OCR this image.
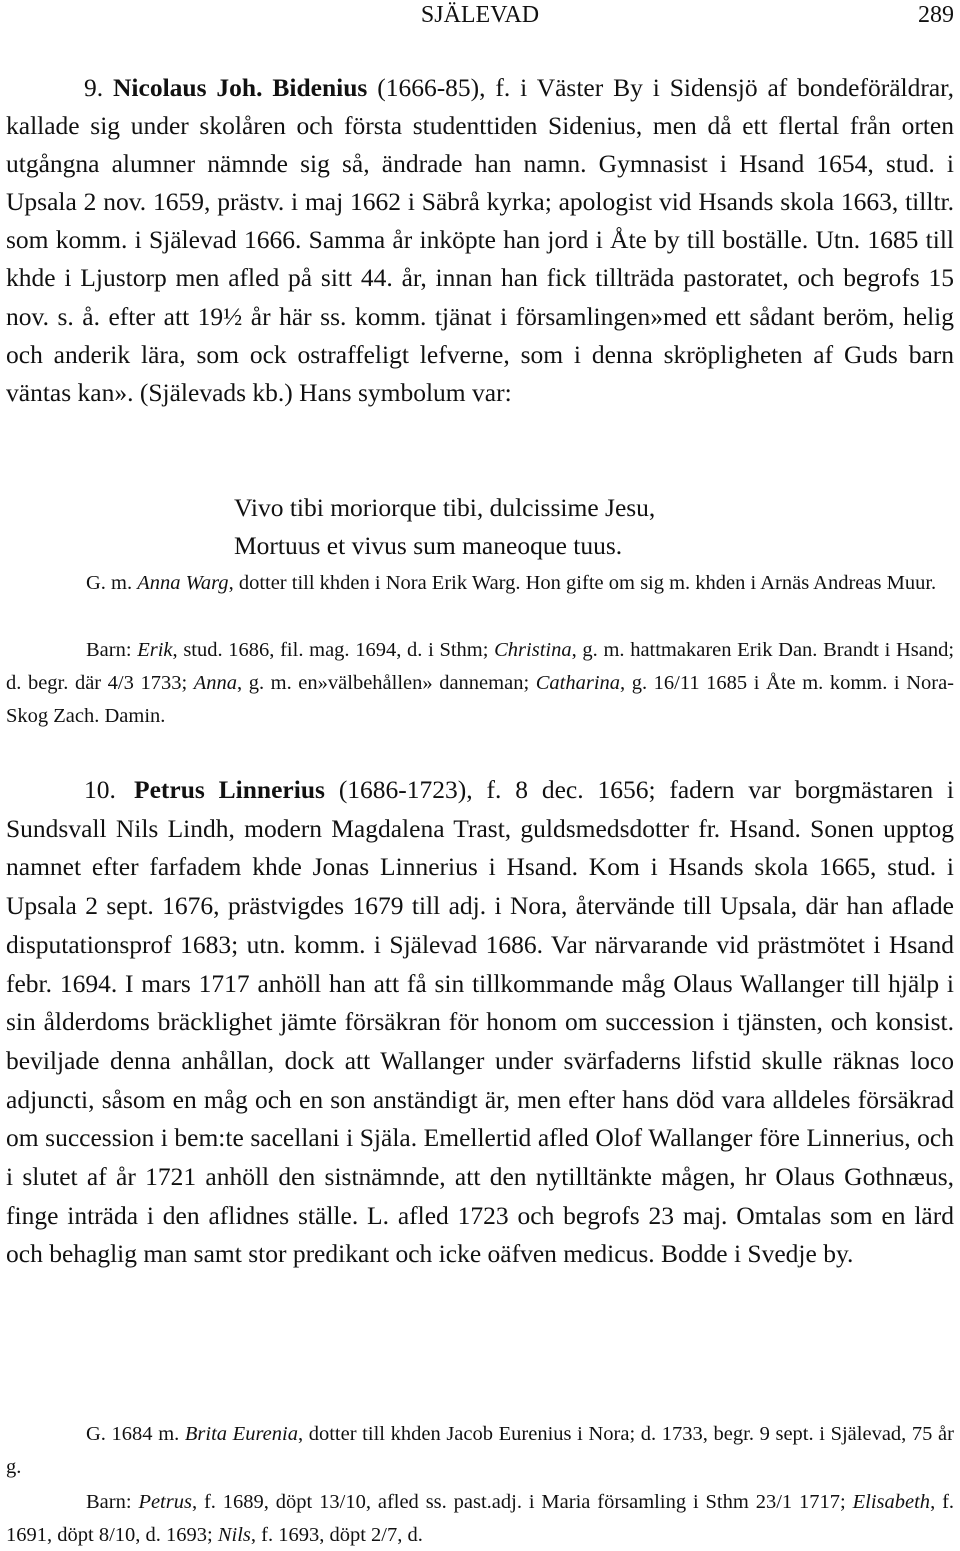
SJÄLEVAD	289

9. Nicolaus Joh. Bidenius (1666-85), f. i Väster By i Sidensjö af bondeföräldrar, kallade sig under skolåren och första studenttiden Sidenius, men då ett flertal från orten utgångna alumner nämnde sig så, ändrade han namn. Gymnasist i Hsand 1654, stud. i Upsala 2 nov. 1659, prästv. i maj 1662 i Säbrå kyrka; apologist vid Hsands skola 1663, tilltr. som komm. i Själevad 1666. Samma år inköpte han jord i Åte by till boställe. Utn. 1685 till khde i Ljustorp men afled på sitt 44. år, innan han fick tillträda pastoratet, och begrofs 15 nov. s. å. efter att 19½ år här ss. komm. tjänat i församlingen»med ett sådant beröm, helig och anderik lära, som ock ostraffeligt lefverne, som i denna skröpligheten af Guds barn väntas kan». (Själevads kb.) Hans symbolum var:

Vivo tibi moriorque tibi, dulcissime Jesu,
Mortuus et vivus sum maneoque tuus.

G. m. Anna Warg, dotter till khden i Nora Erik Warg. Hon gifte om sig m. khden i Arnäs Andreas Muur.

Barn: Erik, stud. 1686, fil. mag. 1694, d. i Sthm; Christina, g. m. hattmakaren Erik Dan. Brandt i Hsand; d. begr. där 4/3 1733; Anna, g. m. en»välbehållen» danneman; Catharina, g. 16/11 1685 i Åte m. komm. i Nora-Skog Zach. Damin.

10. Petrus Linnerius (1686-1723), f. 8 dec. 1656; fadern var borgmästaren i Sundsvall Nils Lindh, modern Magdalena Trast, guldsmedsdotter fr. Hsand. Sonen upptog namnet efter farfadem khde Jonas Linnerius i Hsand. Kom i Hsands skola 1665, stud. i Upsala 2 sept. 1676, prästvigdes 1679 till adj. i Nora, återvände till Upsala, där han aflade disputationsprof 1683; utn. komm. i Själevad 1686. Var närvarande vid prästmötet i Hsand febr. 1694. I mars 1717 anhöll han att få sin tillkommande måg Olaus Wallanger till hjälp i sin ålderdoms bräcklighet jämte försäkran för honom om succession i tjänsten, och konsist. beviljade denna anhållan, dock att Wallanger under svärfaderns lifstid skulle räknas loco adjuncti, såsom en måg och en son anständigt är, men efter hans död vara alldeles försäkrad om succession i bem:te sacellani i Själa. Emellertid afled Olof Wallanger före Linnerius, och i slutet af år 1721 anhöll den sistnämnde, att den nytilltänkte mågen, hr Olaus Gothnæus, finge inträda i den aflidnes ställe. L. afled 1723 och begrofs 23 maj. Omtalas som en lärd och behaglig man samt stor predikant och icke oäfven medicus. Bodde i Svedje by.

G. 1684 m. Brita Eurenia, dotter till khden Jacob Eurenius i Nora; d. 1733, begr. 9 sept. i Själevad, 75 år g.

Barn: Petrus, f. 1689, döpt 13/10, afled ss. past.adj. i Maria församling i Sthm 23/1 1717; Elisabeth, f. 1691, döpt 8/10, d. 1693; Nils, f. 1693, döpt 2/7, d.
